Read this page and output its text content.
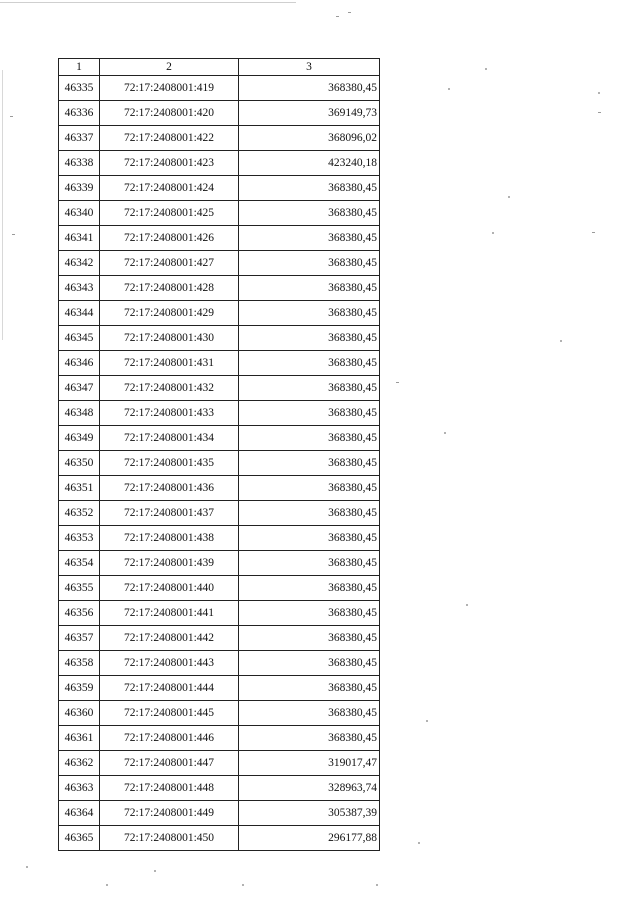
1	2	3
46335	72:17:2408001:419	368380,45
46336	72:17:2408001:420	369149,73
46337	72:17:2408001:422	368096,02
46338	72:17:2408001:423	423240,18
46339	72:17:2408001:424	368380,45
46340	72:17:2408001:425	368380,45
46341	72:17:2408001:426	368380,45
46342	72:17:2408001:427	368380,45
46343	72:17:2408001:428	368380,45
46344	72:17:2408001:429	368380,45
46345	72:17:2408001:430	368380,45
46346	72:17:2408001:431	368380,45
46347	72:17:2408001:432	368380,45
46348	72:17:2408001:433	368380,45
46349	72:17:2408001:434	368380,45
46350	72:17:2408001:435	368380,45
46351	72:17:2408001:436	368380,45
46352	72:17:2408001:437	368380,45
46353	72:17:2408001:438	368380,45
46354	72:17:2408001:439	368380,45
46355	72:17:2408001:440	368380,45
46356	72:17:2408001:441	368380,45
46357	72:17:2408001:442	368380,45
46358	72:17:2408001:443	368380,45
46359	72:17:2408001:444	368380,45
46360	72:17:2408001:445	368380,45
46361	72:17:2408001:446	368380,45
46362	72:17:2408001:447	319017,47
46363	72:17:2408001:448	328963,74
46364	72:17:2408001:449	305387,39
46365	72:17:2408001:450	296177,88
